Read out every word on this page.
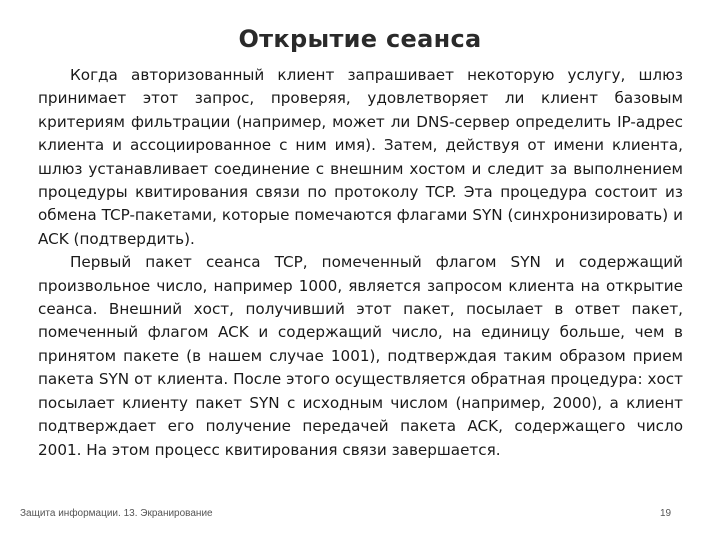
Открытие сеанса

Когда авторизованный клиент запрашивает некоторую услугу, шлюз принимает этот запрос, проверяя, удовлетворяет ли клиент базовым критериям фильтрации (например, может ли DNS-сервер определить IP-адрес клиента и ассоциированное с ним имя). Затем, действуя от имени клиента, шлюз устанавливает соединение с внешним хостом и следит за выполнением процедуры квитирования связи по протоколу TCP. Эта процедура состоит из обмена TCP-пакетами, которые помечаются флагами SYN (синхронизировать) и ACK (подтвердить).

Первый пакет сеанса TCP, помеченный флагом SYN и содержащий произвольное число, например 1000, является запросом клиента на открытие сеанса. Внешний хост, получивший этот пакет, посылает в ответ пакет, помеченный флагом ACK и содержащий число, на единицу больше, чем в принятом пакете (в нашем случае 1001), подтверждая таким образом прием пакета SYN от клиента. После этого осуществляется обратная процедура: хост посылает клиенту пакет SYN с исходным числом (например, 2000), а клиент подтверждает его получение передачей пакета ACK, содержащего число 2001. На этом процесс квитирования связи завершается.

Защита информации. 13. Экранирование	19
